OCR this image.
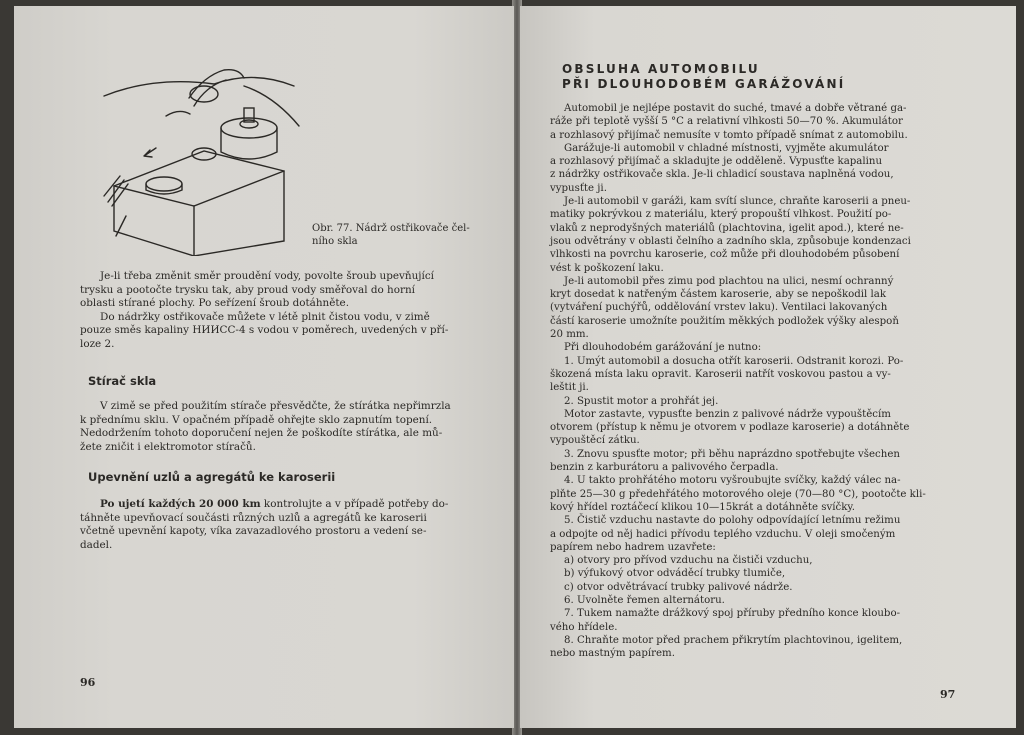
Obr. 77. Nádrž ostřikovače čel-
ního skla

Je-li třeba změnit směr proudění vody, povolte šroub upevňující
trysku a pootočte trysku tak, aby proud vody směřoval do horní
oblasti stírané plochy. Po seřízení šroub dotáhněte.
Do nádržky ostřikovače můžete v létě plnit čistou vodu, v zimě
pouze směs kapaliny НИИСС-4 s vodou v poměrech, uvedených v pří-
loze 2.

Stírač skla

V zimě se před použitím stírače přesvědčte, že stírátka nepřimrzla
k přednímu sklu. V opačném případě ohřejte sklo zapnutím topení.
Nedodržením tohoto doporučení nejen že poškodíte stírátka, ale mů-
žete zničit i elektromotor stíračů.

Upevnění uzlů a agregátů ke karoserii

Po ujetí každých 20 000 km kontrolujte a v případě potřeby do-
táhněte upevňovací součásti různých uzlů a agregátů ke karoserii
včetně upevnění kapoty, víka zavazadlového prostoru a vedení se-
dadel.

96
OBSLUHA AUTOMOBILU
PŘI DLOUHODOBÉM GARÁŽOVÁNÍ
Automobil je nejlépe postavit do suché, tmavé a dobře větrané ga-
ráže při teplotě vyšší 5 °C a relativní vlhkosti 50—70 %. Akumulátor
a rozhlasový přijímač nemusíte v tomto případě snímat z automobilu.
Garážuje-li automobil v chladné místnosti, vyjměte akumulátor
a rozhlasový přijímač a skladujte je odděleně. Vypusťte kapalinu
z nádržky ostřikovače skla. Je-li chladicí soustava naplněná vodou,
vypusťte ji.
Je-li automobil v garáži, kam svítí slunce, chraňte karoserii a pneu-
matiky pokrývkou z materiálu, který propouští vlhkost. Použití po-
vlaků z neprodyšných materiálů (plachtovina, igelit apod.), které ne-
jsou odvětrány v oblasti čelního a zadního skla, způsobuje kondenzaci
vlhkosti na povrchu karoserie, což může při dlouhodobém působení
vést k poškození laku.
Je-li automobil přes zimu pod plachtou na ulici, nesmí ochranný
kryt dosedat k natřeným částem karoserie, aby se nepoškodil lak
(vytváření puchýřů, oddělování vrstev laku). Ventilaci lakovaných
částí karoserie umožníte použitím měkkých podložek výšky alespoň
20 mm.
Při dlouhodobém garážování je nutno:
1. Umýt automobil a dosucha otřít karoserii. Odstranit korozi. Po-
škozená místa laku opravit. Karoserii natřít voskovou pastou a vy-
leštit ji.
2. Spustit motor a prohřát jej.
Motor zastavte, vypusťte benzin z palivové nádrže vypouštěcím
otvorem (přístup k němu je otvorem v podlaze karoserie) a dotáhněte
vypouštěcí zátku.
3. Znovu spusťte motor; při běhu naprázdno spotřebujte všechen
benzin z karburátoru a palivového čerpadla.
4. U takto prohřátého motoru vyšroubujte svíčky, každý válec na-
plňte 25—30 g předehřátého motorového oleje (70—80 °C), pootočte kli-
kový hřídel roztáčecí klikou 10—15krát a dotáhněte svíčky.
5. Čistič vzduchu nastavte do polohy odpovídající letnímu režimu
a odpojte od něj hadici přívodu teplého vzduchu. V oleji smočeným
papírem nebo hadrem uzavřete:
a) otvory pro přívod vzduchu na čističi vzduchu,
b) výfukový otvor odváděcí trubky tlumiče,
c) otvor odvětrávací trubky palivové nádrže.
6. Uvolněte řemen alternátoru.
7. Tukem namažte drážkový spoj příruby předního konce kloubo-
vého hřídele.
8. Chraňte motor před prachem přikrytím plachtovinou, igelitem,
nebo mastným papírem.
97
